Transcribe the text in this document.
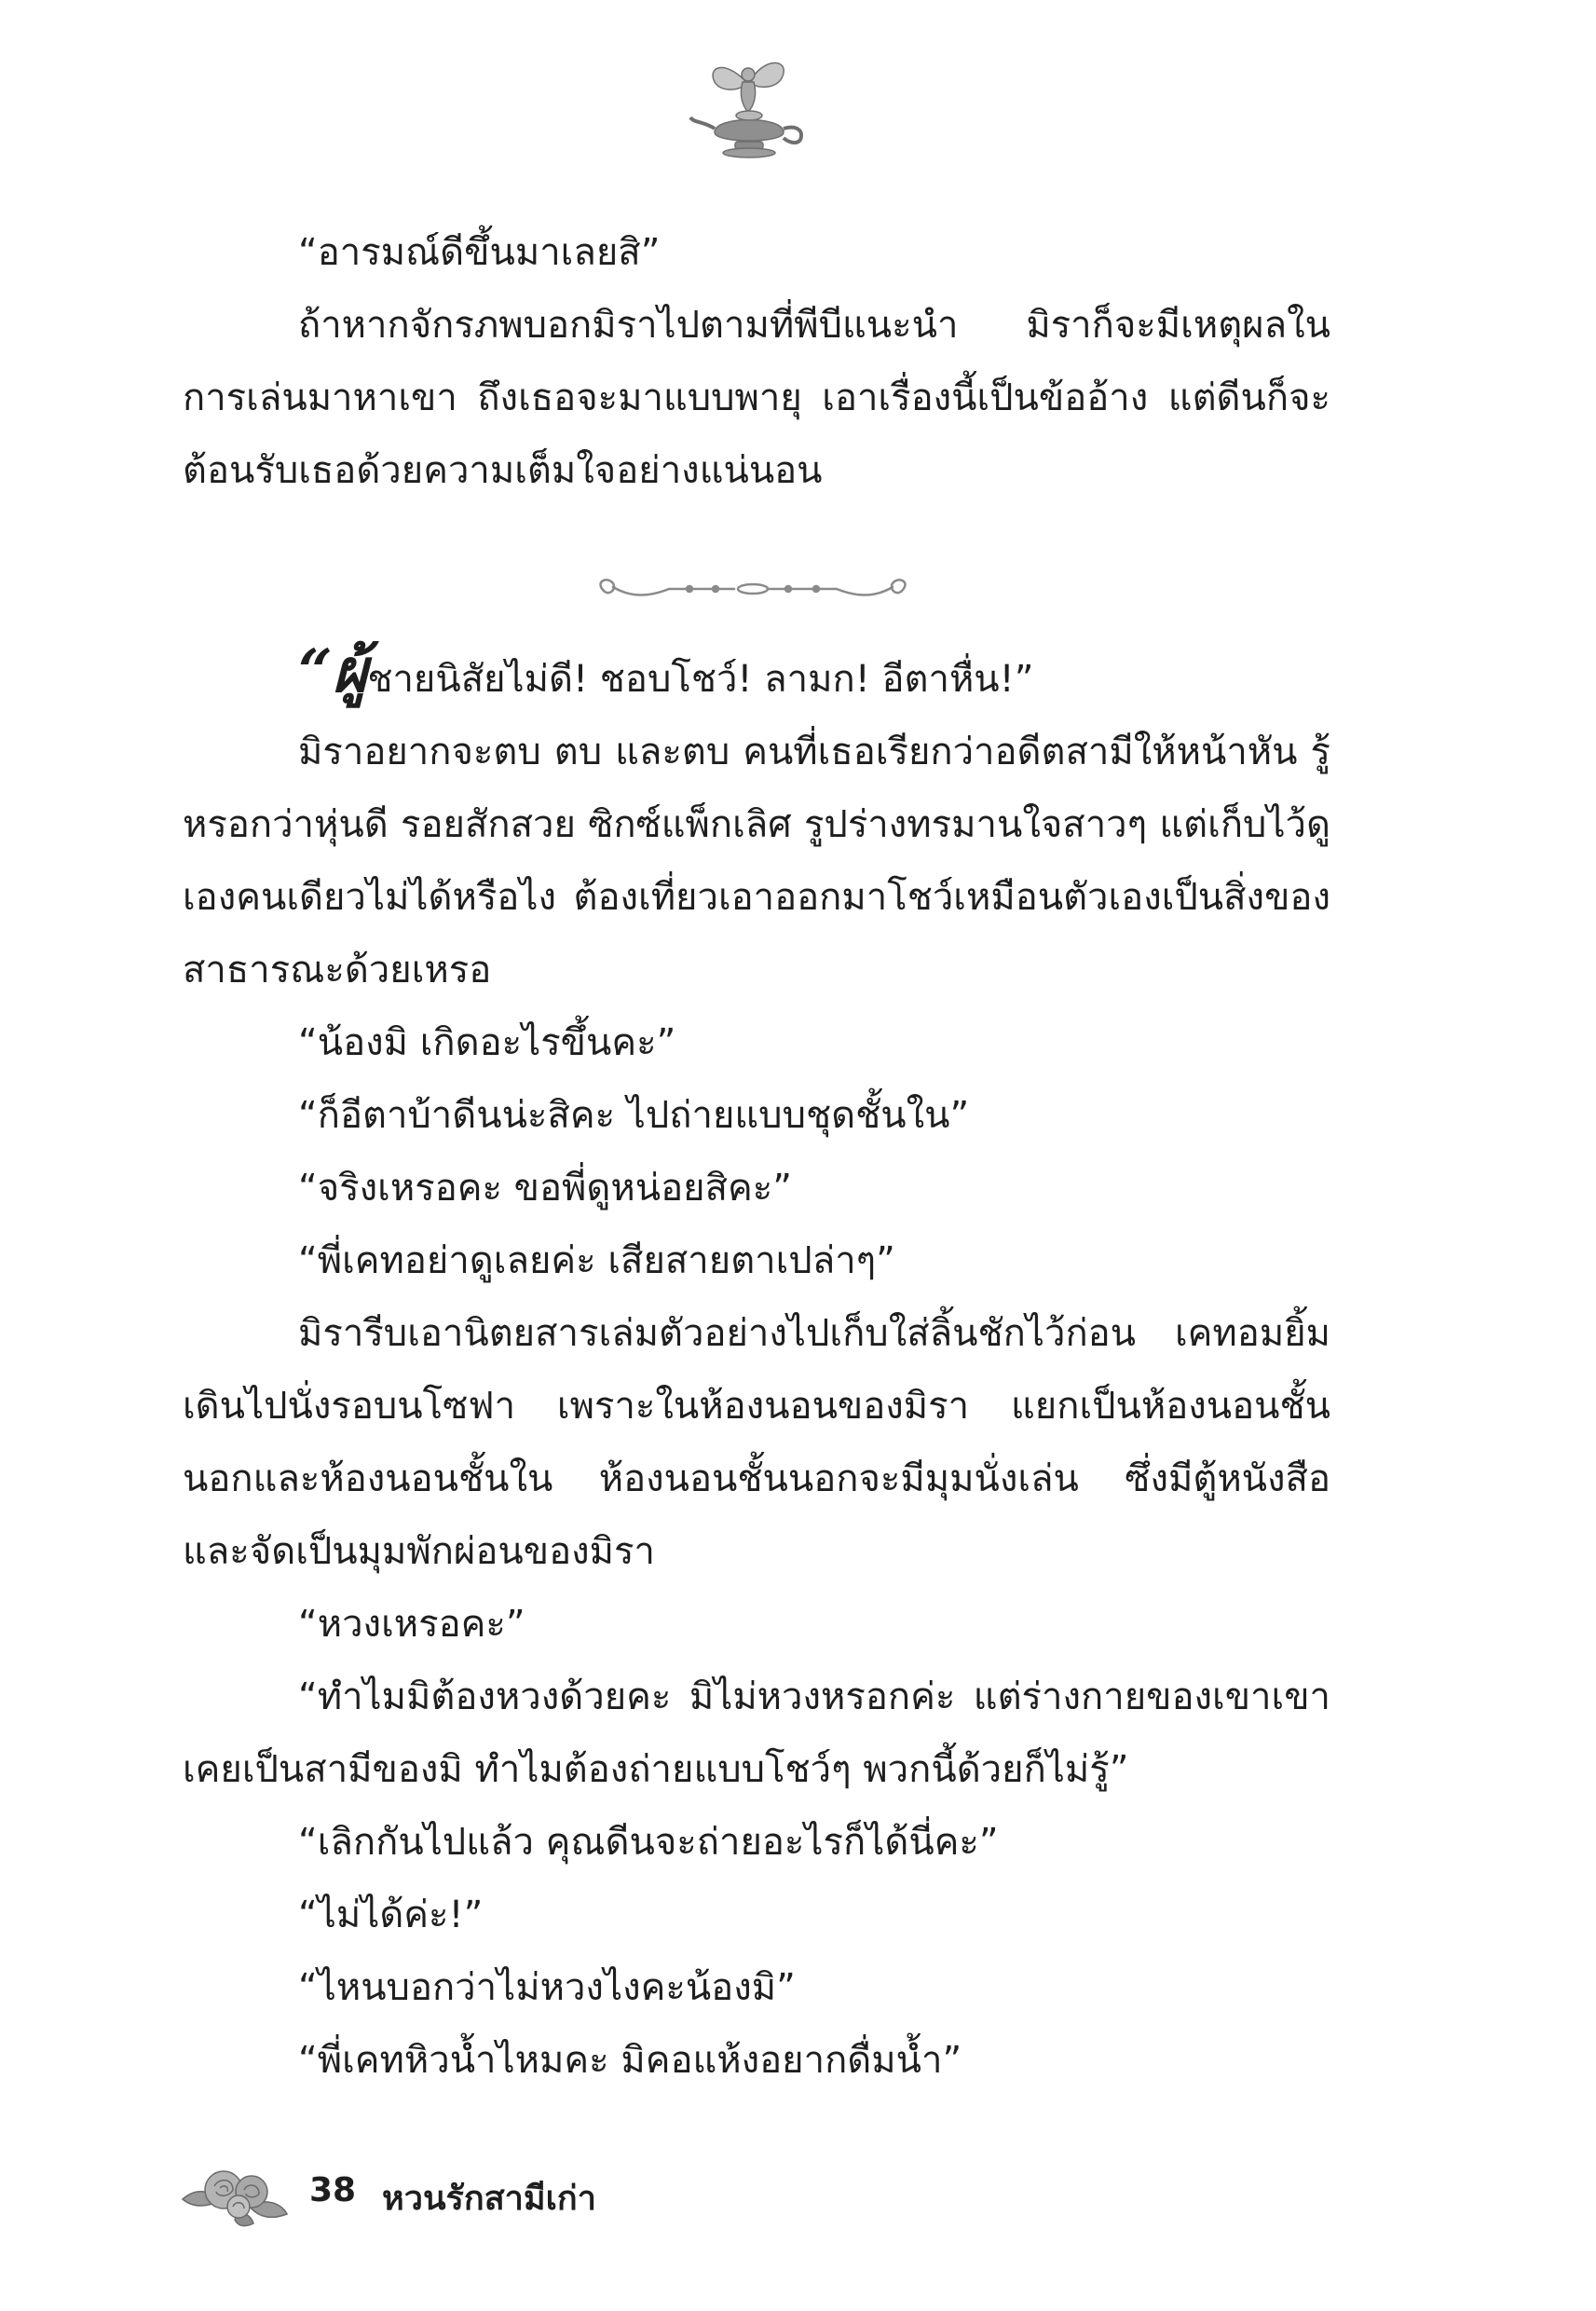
“อารมณ์ดีขึ้นมาเลยสิ”

ถ้าหากจักรภพบอกมิราไปตามที่พีบีแนะนำ มิราก็จะมีเหตุผลในการเล่นมาหาเขา ถึงเธอจะมาแบบพายุ เอาเรื่องนี้เป็นข้ออ้าง แต่ดีนก็จะต้อนรับเธอด้วยความเต็มใจอย่างแน่นอน

“ผู้ชายนิสัยไม่ดี! ชอบโชว์! ลามก! อีตาหื่น!”

มิราอยากจะตบ ตบ และตบ คนที่เธอเรียกว่าอดีตสามีให้หน้าหัน รู้หรอกว่าหุ่นดี รอยสักสวย ซิกซ์แพ็กเลิศ รูปร่างทรมานใจสาวๆ แต่เก็บไว้ดูเองคนเดียวไม่ได้หรือไง ต้องเที่ยวเอาออกมาโชว์เหมือนตัวเองเป็นสิ่งของสาธารณะด้วยเหรอ

“น้องมิ เกิดอะไรขึ้นคะ”

“ก็อีตาบ้าดีนน่ะสิคะ ไปถ่ายแบบชุดชั้นใน”

“จริงเหรอคะ ขอพี่ดูหน่อยสิคะ”

“พี่เคทอย่าดูเลยค่ะ เสียสายตาเปล่าๆ”

มิรารีบเอานิตยสารเล่มตัวอย่างไปเก็บใส่ลิ้นชักไว้ก่อน เคทอมยิ้มเดินไปนั่งรอบนโซฟา เพราะในห้องนอนของมิรา แยกเป็นห้องนอนชั้นนอกและห้องนอนชั้นใน ห้องนอนชั้นนอกจะมีมุมนั่งเล่น ซึ่งมีตู้หนังสือ และจัดเป็นมุมพักผ่อนของมิรา

“หวงเหรอคะ”

“ทำไมมิต้องหวงด้วยคะ มิไม่หวงหรอกค่ะ แต่ร่างกายของเขาเขาเคยเป็นสามีของมิ ทำไมต้องถ่ายแบบโชว์ๆ พวกนี้ด้วยก็ไม่รู้”

“เลิกกันไปแล้ว คุณดีนจะถ่ายอะไรก็ได้นี่คะ”

“ไม่ได้ค่ะ!”

“ไหนบอกว่าไม่หวงไงคะน้องมิ”

“พี่เคทหิวน้ำไหมคะ มิคอแห้งอยากดื่มน้ำ”

38 หวนรักสามีเก่า
